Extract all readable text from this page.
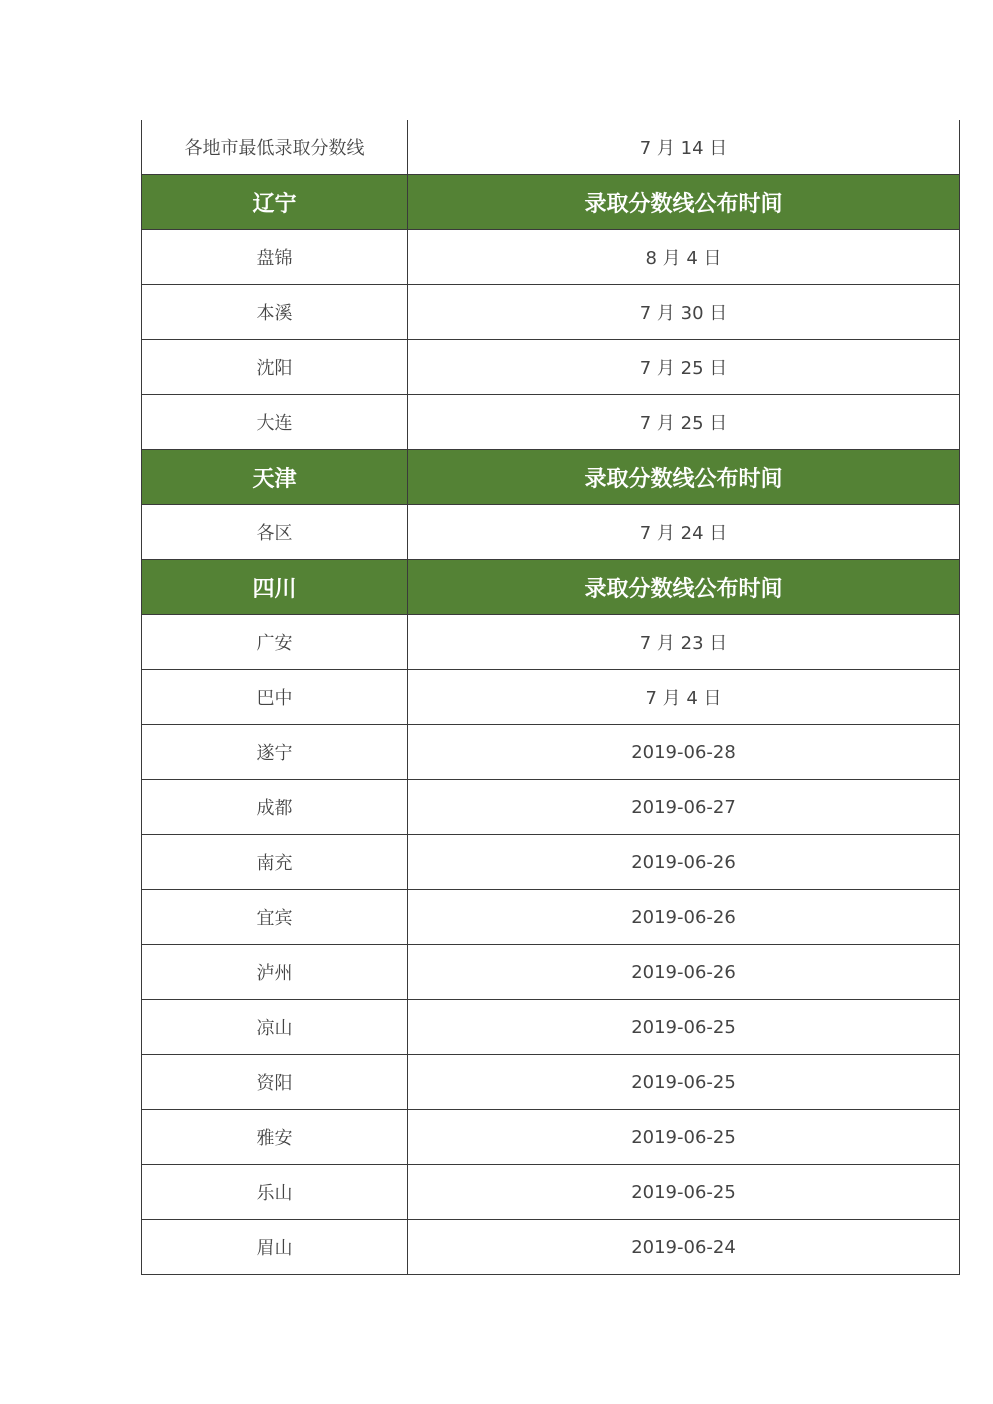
各地市最低录取分数线	7 月 14 日
辽宁	录取分数线公布时间
盘锦	8 月 4 日
本溪	7 月 30 日
沈阳	7 月 25 日
大连	7 月 25 日
天津	录取分数线公布时间
各区	7 月 24 日
四川	录取分数线公布时间
广安	7 月 23 日
巴中	7 月 4 日
遂宁	2019-06-28
成都	2019-06-27
南充	2019-06-26
宜宾	2019-06-26
泸州	2019-06-26
凉山	2019-06-25
资阳	2019-06-25
雅安	2019-06-25
乐山	2019-06-25
眉山	2019-06-24
